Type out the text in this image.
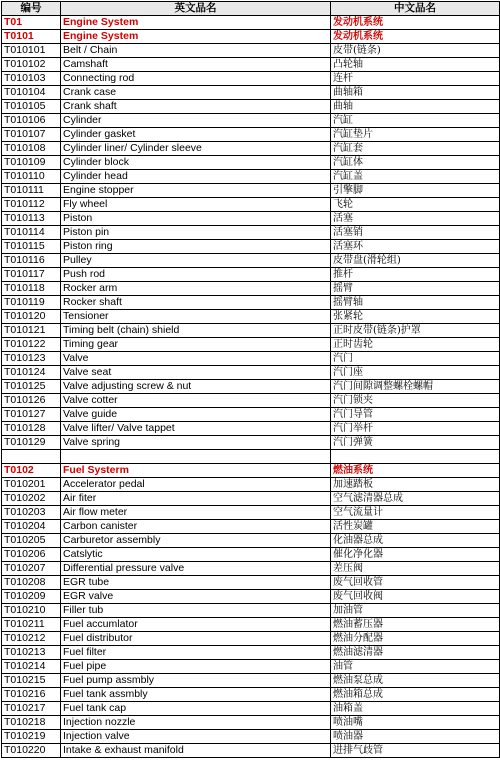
编号	英文品名	中文品名
T01	Engine System	发动机系统
T0101	Engine System	发动机系统
T010101	Belt / Chain	皮带(链条)
T010102	Camshaft	凸轮轴
T010103	Connecting rod	连杆
T010104	Crank case	曲轴箱
T010105	Crank shaft	曲轴
T010106	Cylinder	汽缸
T010107	Cylinder gasket	汽缸垫片
T010108	Cylinder liner/ Cylinder sleeve	汽缸套
T010109	Cylinder block	汽缸体
T010110	Cylinder head	汽缸盖
T010111	Engine stopper	引擎脚
T010112	Fly wheel	飞轮
T010113	Piston	活塞
T010114	Piston pin	活塞销
T010115	Piston ring	活塞环
T010116	Pulley	皮带盘(滑轮组)
T010117	Push rod	推杆
T010118	Rocker arm	摇臂
T010119	Rocker shaft	摇臂轴
T010120	Tensioner	张紧轮
T010121	Timing belt (chain) shield	正时皮带(链条)护罩
T010122	Timing gear	正时齿轮
T010123	Valve	汽门
T010124	Valve seat	汽门座
T010125	Valve adjusting screw & nut	汽门间隙调整螺栓螺帽
T010126	Valve cotter	汽门锁夹
T010127	Valve guide	汽门导管
T010128	Valve lifter/ Valve tappet	汽门举杆
T010129	Valve spring	汽门弹簧

T0102	Fuel Systerm	燃油系统
T010201	Accelerator pedal	加速踏板
T010202	Air fiter	空气滤清器总成
T010203	Air flow meter	空气流量计
T010204	Carbon canister	活性炭罐
T010205	Carburetor assembly	化油器总成
T010206	Catslytic	催化净化器
T010207	Differential pressure valve	差压阀
T010208	EGR tube	废气回收管
T010209	EGR valve	废气回收阀
T010210	Filler tub	加油管
T010211	Fuel accumlator	燃油蓄压器
T010212	Fuel distributor	燃油分配器
T010213	Fuel filter	燃油滤清器
T010214	Fuel pipe	油管
T010215	Fuel pump assmbly	燃油泵总成
T010216	Fuel tank assmbly	燃油箱总成
T010217	Fuel tank cap	油箱盖
T010218	Injection nozzle	喷油嘴
T010219	Injection valve	喷油器
T010220	Intake & exhaust manifold	进排气歧管
